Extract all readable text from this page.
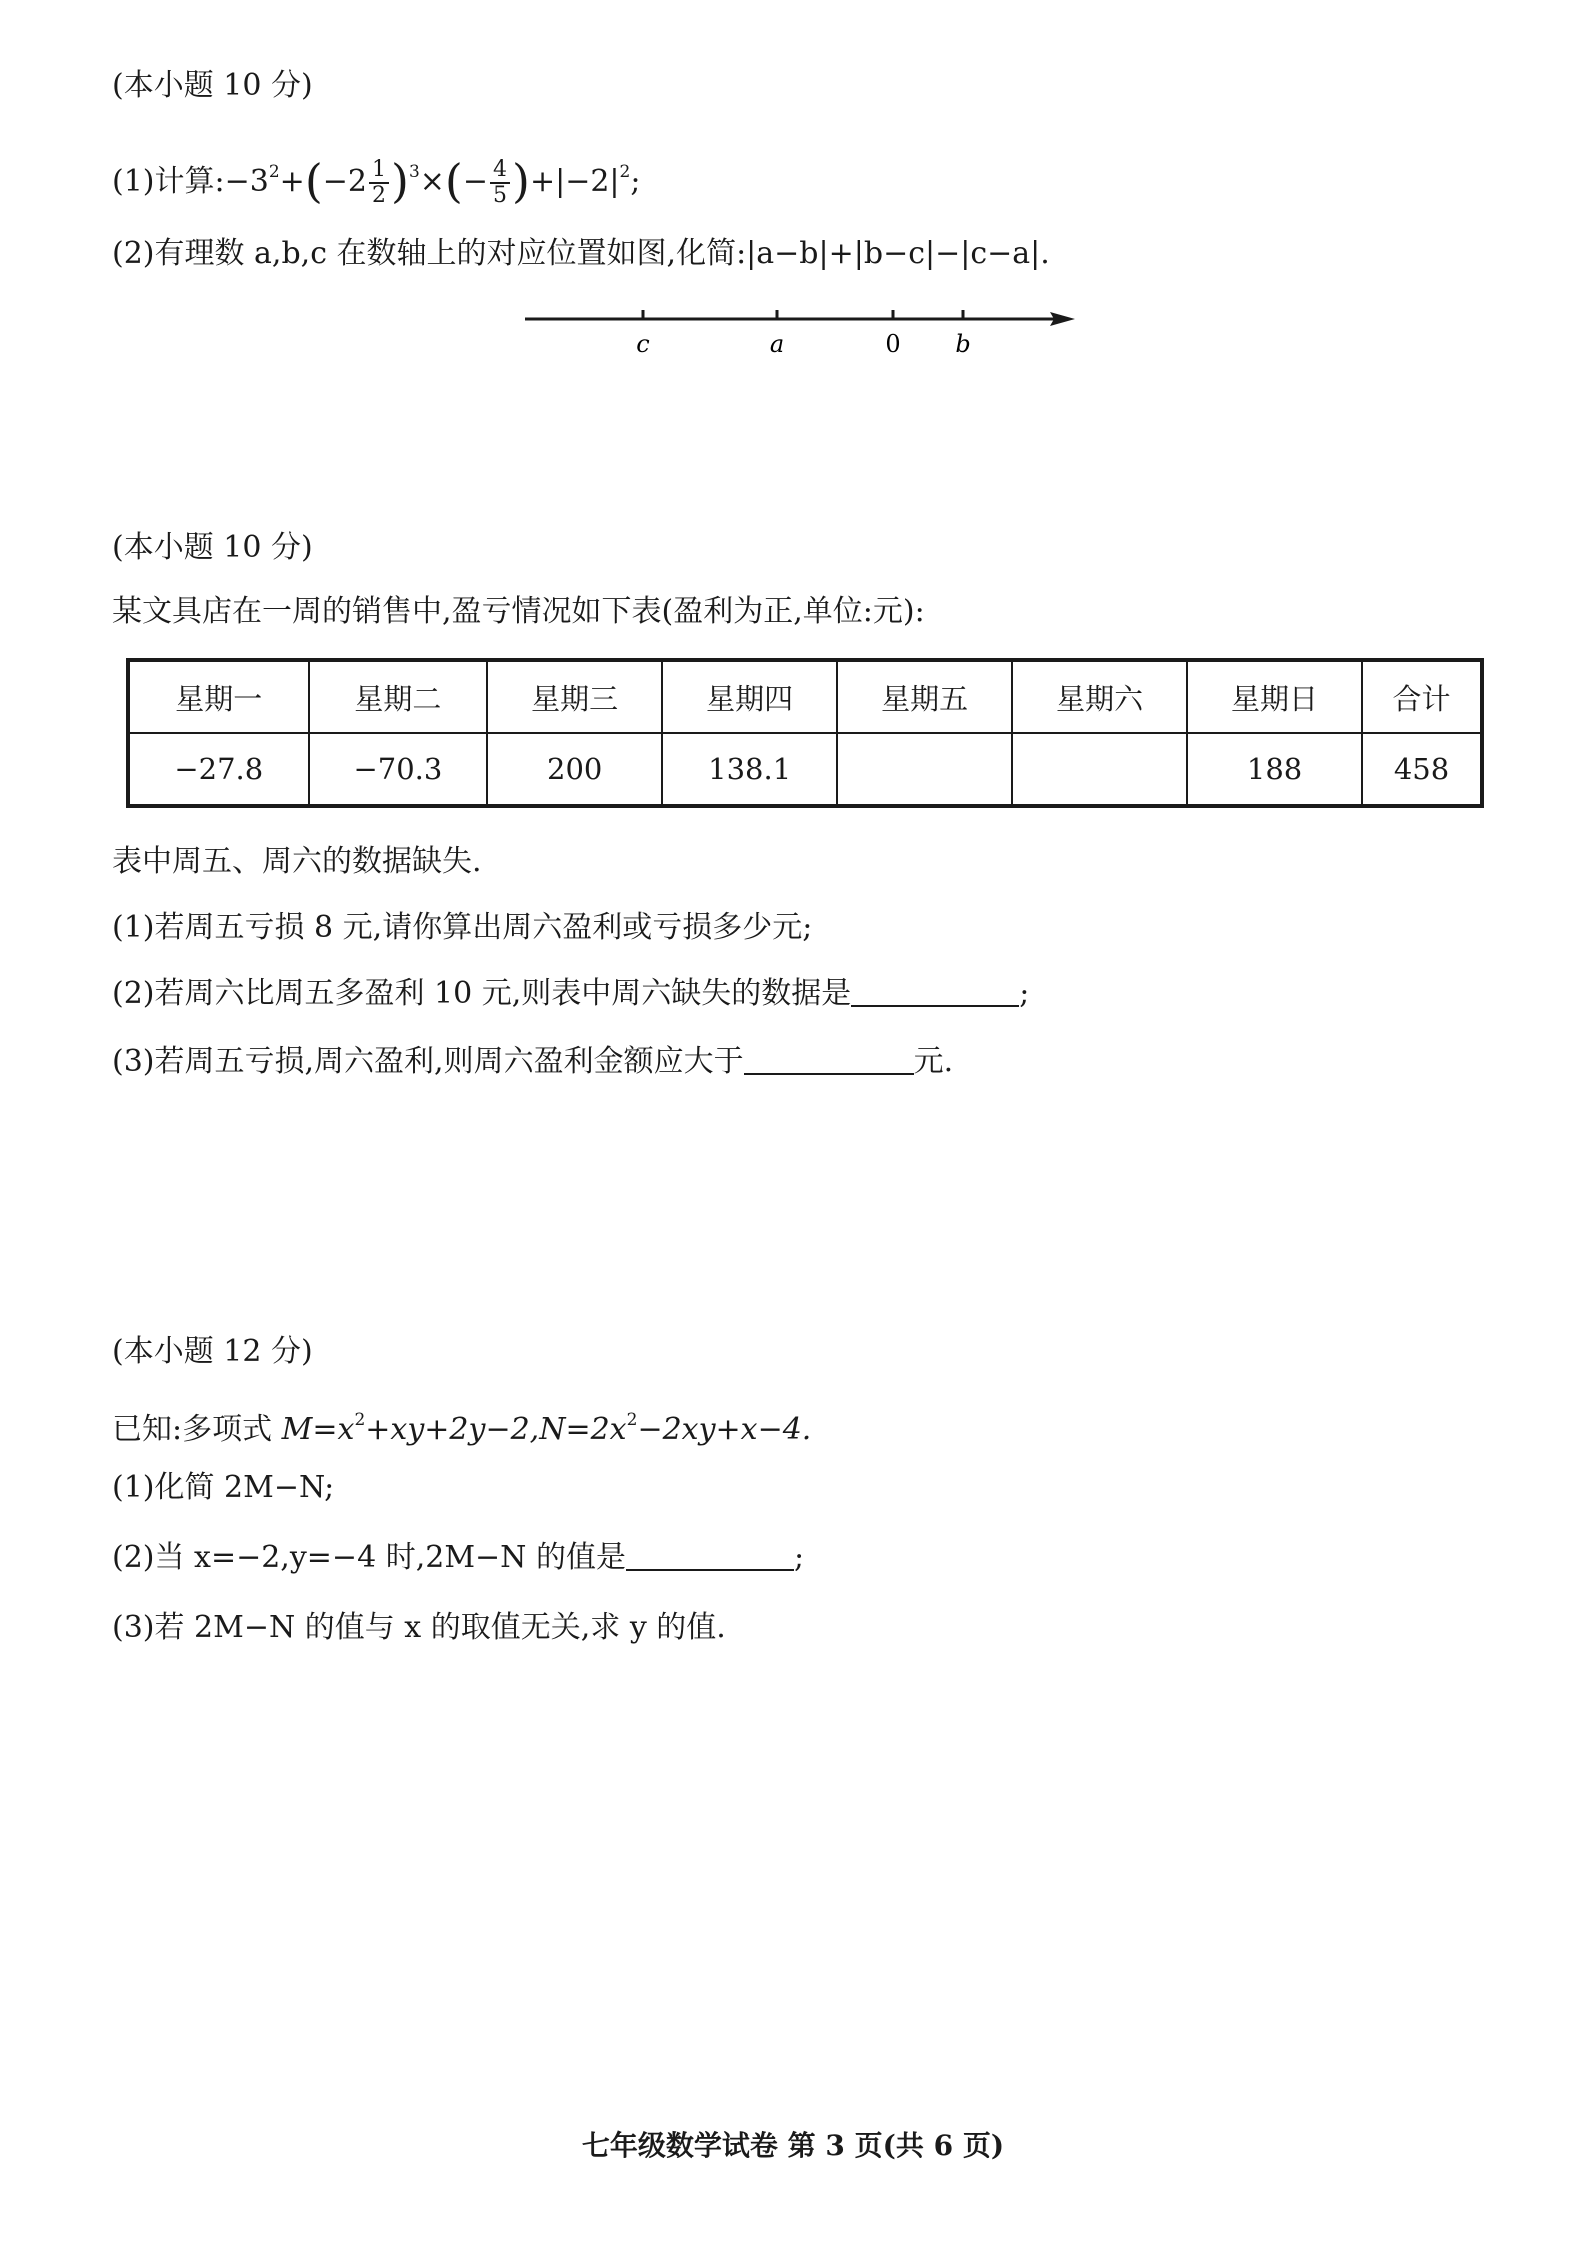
(本小题 10 分)
(1)计算$:-3^2+(-2 \frac{1}{2} )^3\times(- \frac{4}{5} )+|-2|^2$;
(2)有理数 a,b,c 在数轴上的对应位置如图,化简:|a−b|+|b−c|−|c−a|.
c	a	0 b
(本小题 10 分)
某文具店在一周的销售中,盈亏情况如下表(盈利为正,单位:元):
星期一	星期二	星期三	星期四	星期五	星期六	星期日	合计
−27.8	−70.3	200	138.1			188	458
表中周五、周六的数据缺失.
(1)若周五亏损 8 元,请你算出周六盈利或亏损多少元;
(2)若周六比周五多盈利 10 元,则表中周六缺失的数据是	;
(3)若周五亏损,周六盈利,则周六盈利金额应大于	元.
(本小题 12 分)
已知:多项式 $M=x^2+xy+2y-2,N=2x^2-2xy+x-4$.
(1)化简 2M−N;
(2)当 x=−2,y=−4 时,2M−N 的值是	;
(3)若 2M−N 的值与 x 的取值无关,求 y 的值.
七年级数学试卷 第 3 页(共 6 页)
